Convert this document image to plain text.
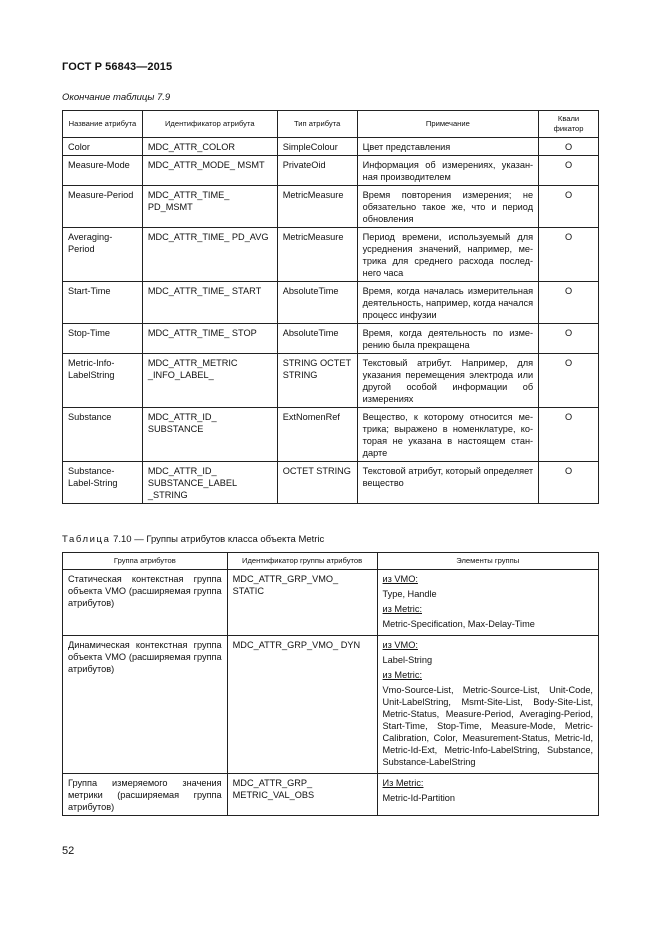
ГОСТ Р 56843—2015
Окончание таблицы 7.9
Название атрибута	Идентификатор атрибута	Тип атрибута	Примечание	Квали фикатор
Color	MDC_ATTR_COLOR	SimpleColour	Цвет представления	О
Measure-Mode	MDC_ATTR_MODE_ MSMT	PrivateOid	Информация об измерениях, указанная производителем	О
Measure-Period	MDC_ATTR_TIME_ PD_MSMT	MetricMeasure	Время повторения измерения; не обязательно такое же, что и период обновления	О
Averaging-Period	MDC_ATTR_TIME_ PD_AVG	MetricMeasure	Период времени, используемый для усреднения значений, например, метрика для среднего расхода последнего часа	О
Start-Time	MDC_ATTR_TIME_ START	AbsoluteTime	Время, когда началась измерительная деятельность, например, когда начался процесс инфузии	О
Stop-Time	MDC_ATTR_TIME_ STOP	AbsoluteTime	Время, когда деятельность по измерению была прекращена	О
Metric-Info-LabelString	MDC_ATTR_METRIC _INFO_LABEL_	STRING OCTET STRING	Текстовый атрибут. Например, для указания перемещения электрода или другой особой информации об измерениях	О
Substance	MDC_ATTR_ID_ SUBSTANCE	ExtNomenRef	Вещество, к которому относится метрика; выражено в номенклатуре, которая не указана в настоящем стандарте	О
Substance-Label-String	MDC_ATTR_ID_ SUBSTANCE_LABEL _STRING	OCTET STRING	Текстовой атрибут, который определяет вещество	О
Таблица 7.10 — Группы атрибутов класса объекта Metric
Группа атрибутов	Идентификатор группы атрибутов	Элементы группы
Статическая контекстная группа объекта VMO (расширяемая группа атрибутов)	MDC_ATTR_GRP_VMO_ STATIC	из VMO:

Type, Handle

из Metric:

Metric-Specification, Max-Delay-Time

Динамическая контекстная группа объекта VMO (расширяемая группа атрибутов)	MDC_ATTR_GRP_VMO_ DYN	из VMO:

Label-String

из Metric:

Vmo-Source-List, Metric-Source-List, Unit-Code, Unit-LabelString, Msmt-Site-List, Body-Site-List, Metric-Status, Measure-Period, Averaging-Period, Start-Time, Stop-Time, Measure-Mode, Metric-Calibration, Color, Measurement-Status, Metric-Id, Metric-Id-Ext, Metric-Info-LabelString, Substance, Substance-LabelString

Группа измеряемого значения метрики (расширяемая группа атрибутов)	MDC_ATTR_GRP_ METRIC_VAL_OBS	Из Metric:

Metric-Id-Partition

52
